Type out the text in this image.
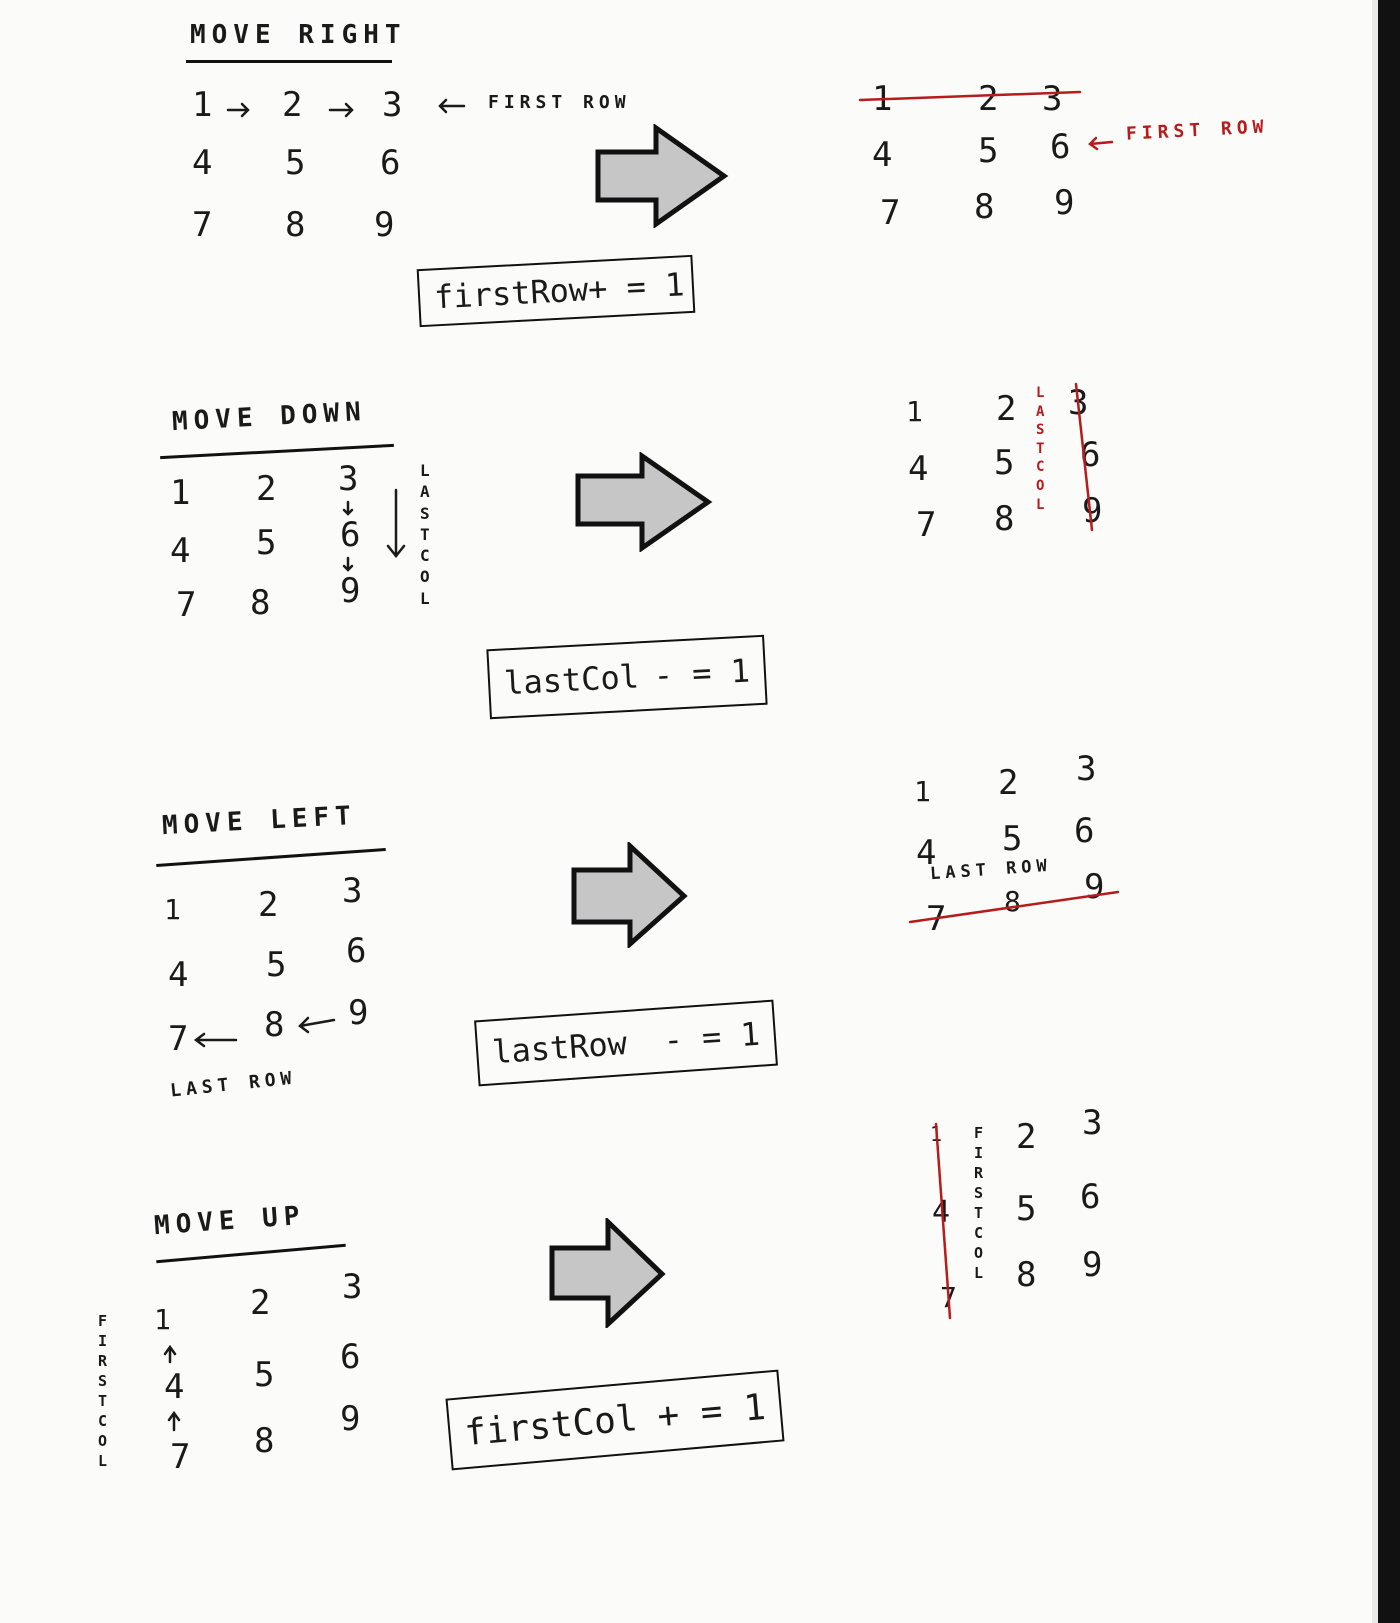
MOVE RIGHT
1 2 3
4 5 6
7 8 9
FIRST ROW
firstRow
+ = 1
1	2 3
4	5 6
7 8 9
FIRST ROW
MOVE DOWN
1 2 3
4 5 6
7 8 9
L
A
S
T
C
O
L
lastCol - = 1
1 2 3
4 5 6
7 8 9
L
A
S
T
C
O
L
MOVE LEFT
1 2 3
4 5 6
7 8 9
LAST ROW
lastRow - = 1
1 2 3
4 5 6
7 8 9
LAST ROW
MOVE UP
1 2 3
4 5 6
7 8
9
F
I
R
S
T
C
O
L
firstCol + = 1
2 3
4 5 6
7
8 9
1 F
I
R
S
T
C
O
L
